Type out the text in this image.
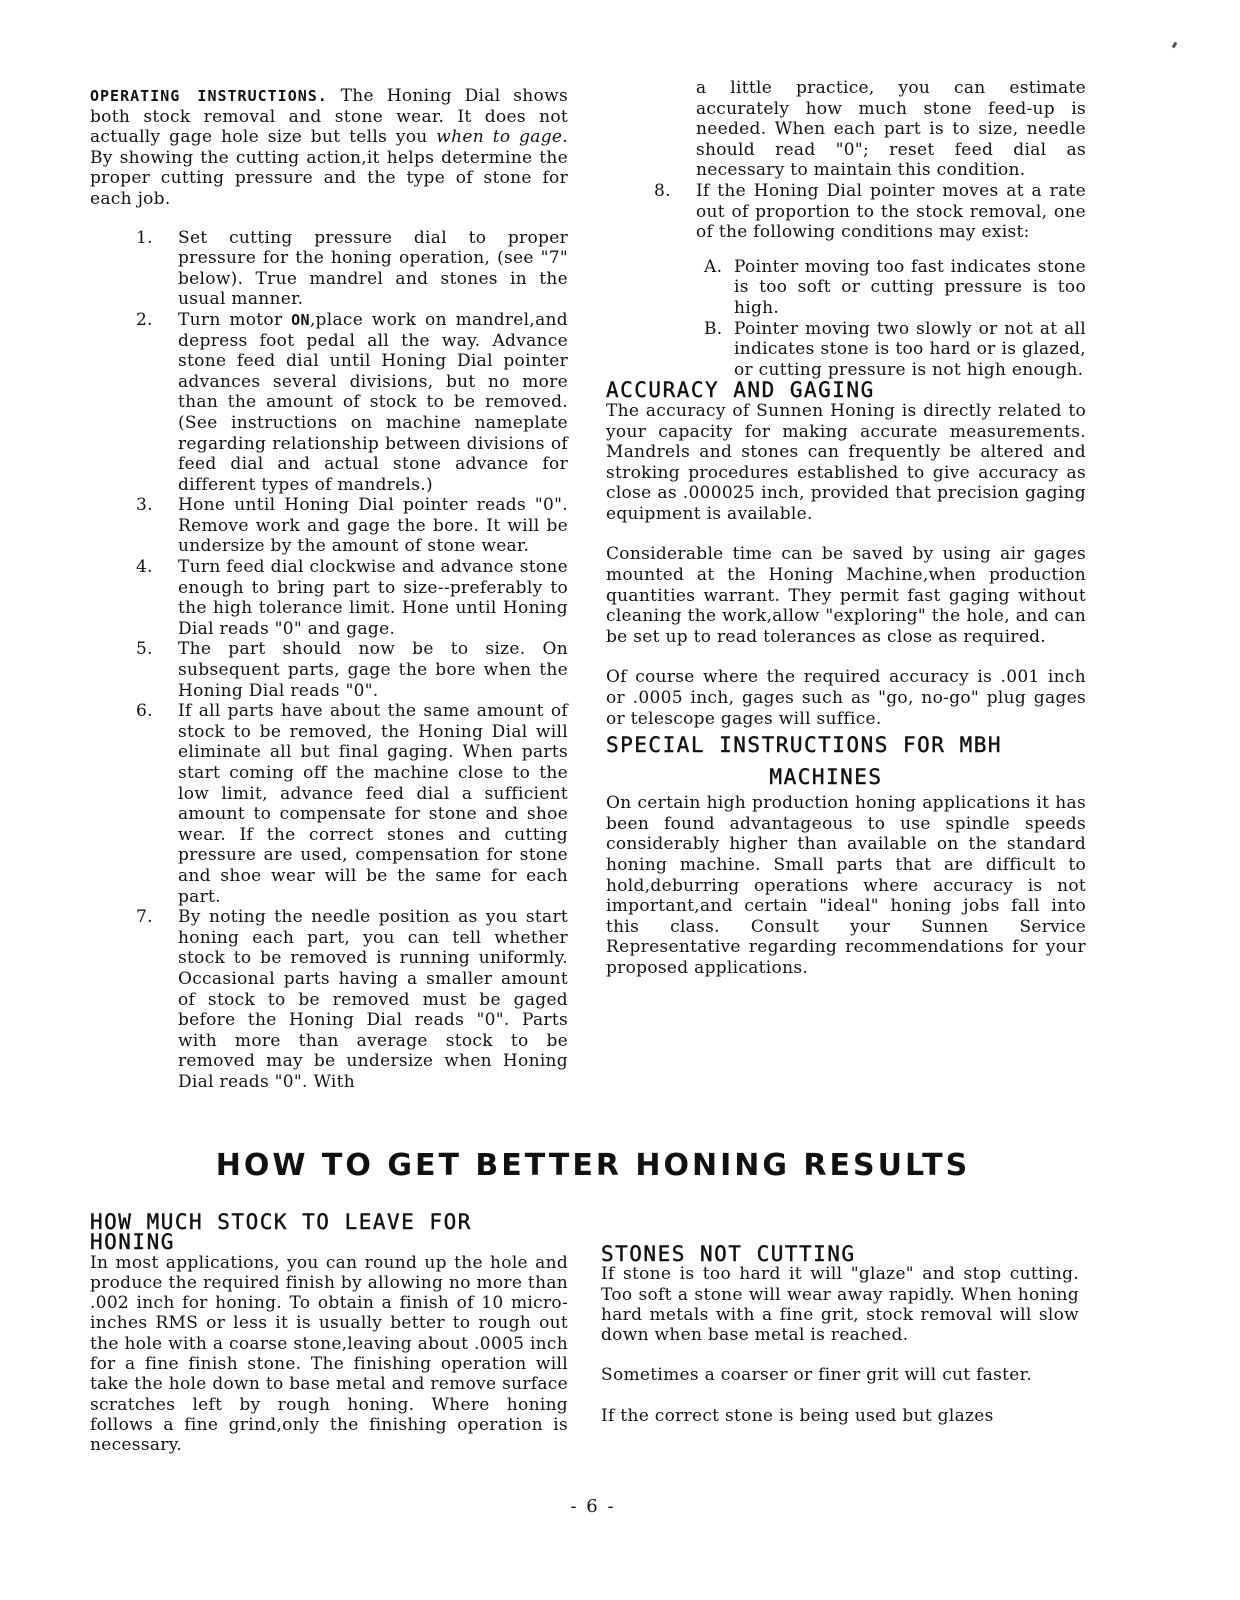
OPERATING INSTRUCTIONS. The Honing Dial shows both stock removal and stone wear. It does not actually gage hole size but tells you when to gage. By showing the cutting action,it helps determine the proper cutting pressure and the type of stone for each job.

1. Set cutting pressure dial to proper pressure for the honing operation, (see "7" below). True mandrel and stones in the usual manner.
2. Turn motor ON,place work on mandrel,and depress foot pedal all the way. Advance stone feed dial until Honing Dial pointer advances several divisions, but no more than the amount of stock to be removed. (See instructions on machine nameplate regarding relationship between divisions of feed dial and actual stone advance for different types of mandrels.)
3. Hone until Honing Dial pointer reads "0". Remove work and gage the bore. It will be undersize by the amount of stone wear.
4. Turn feed dial clockwise and advance stone enough to bring part to size--preferably to the high tolerance limit. Hone until Honing Dial reads "0" and gage.
5. The part should now be to size. On subsequent parts, gage the bore when the Honing Dial reads "0".
6. If all parts have about the same amount of stock to be removed, the Honing Dial will eliminate all but final gaging. When parts start coming off the machine close to the low limit, advance feed dial a sufficient amount to compensate for stone and shoe wear. If the correct stones and cutting pressure are used, compensation for stone and shoe wear will be the same for each part.
7. By noting the needle position as you start honing each part, you can tell whether stock to be removed is running uniformly. Occasional parts having a smaller amount of stock to be removed must be gaged before the Honing Dial reads "0". Parts with more than average stock to be removed may be undersize when Honing Dial reads "0". With

a little practice, you can estimate accurately how much stone feed-up is needed. When each part is to size, needle should read "0"; reset feed dial as necessary to maintain this condition.

8. If the Honing Dial pointer moves at a rate out of proportion to the stock removal, one of the following conditions may exist:
A. Pointer moving too fast indicates stone is too soft or cutting pressure is too high.
B. Pointer moving two slowly or not at all indicates stone is too hard or is glazed, or cutting pressure is not high enough.
ACCURACY AND GAGING

The accuracy of Sunnen Honing is directly related to your capacity for making accurate measurements. Mandrels and stones can frequently be altered and stroking procedures established to give accuracy as close as .000025 inch, provided that precision gaging equipment is available.

Considerable time can be saved by using air gages mounted at the Honing Machine,when production quantities warrant. They permit fast gaging without cleaning the work,allow "exploring" the hole, and can be set up to read tolerances as close as required.

Of course where the required accuracy is .001 inch or .0005 inch, gages such as "go, no-go" plug gages or telescope gages will suffice.

SPECIAL INSTRUCTIONS FOR MBH
MACHINES

On certain high production honing applications it has been found advantageous to use spindle speeds considerably higher than available on the standard honing machine. Small parts that are difficult to hold,deburring operations where accuracy is not important,and certain "ideal" honing jobs fall into this class. Consult your Sunnen Service Representative regarding recommendations for your proposed applications.

HOW TO GET BETTER HONING RESULTS
HOW MUCH STOCK TO LEAVE FOR HONING

In most applications, you can round up the hole and produce the required finish by allowing no more than .002 inch for honing. To obtain a finish of 10 micro-inches RMS or less it is usually better to rough out the hole with a coarse stone,leaving about .0005 inch for a fine finish stone. The finishing operation will take the hole down to base metal and remove surface scratches left by rough honing. Where honing follows a fine grind,only the finishing operation is necessary.

STONES NOT CUTTING

If stone is too hard it will "glaze" and stop cutting. Too soft a stone will wear away rapidly. When honing hard metals with a fine grit, stock removal will slow down when base metal is reached.

Sometimes a coarser or finer grit will cut faster.

If the correct stone is being used but glazes

- 6 -
